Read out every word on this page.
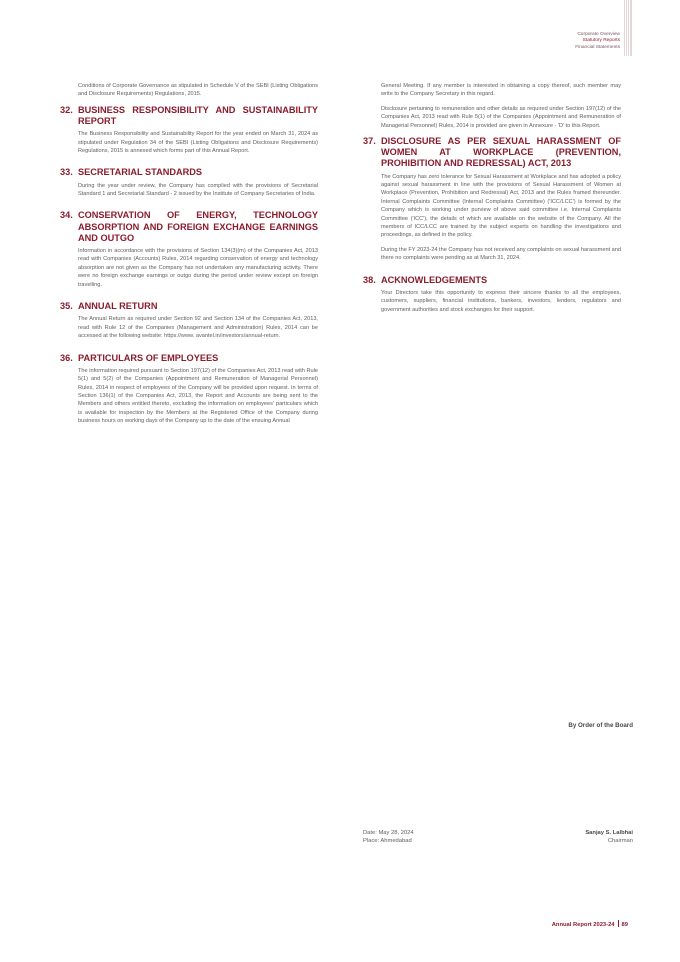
Corporate Overview
Statutory Reports
Financial Statements

Conditions of Corporate Governance as stipulated in Schedule V of the SEBI (Listing Obligations and Disclosure Requirements) Regulations, 2015.

32. BUSINESS RESPONSIBILITY AND SUSTAINABILITY REPORT

The Business Responsibility and Sustainability Report for the year ended on March 31, 2024 as stipulated under Regulation 34 of the SEBI (Listing Obligations and Disclosure Requirements) Regulations, 2015 is annexed which forms part of this Annual Report.

33. SECRETARIAL STANDARDS

During the year under review, the Company has complied with the provisions of Secretarial Standard 1 and Secretarial Standard - 2 issued by the Institute of Company Secretaries of India.

34. CONSERVATION OF ENERGY, TECHNOLOGY ABSORPTION AND FOREIGN EXCHANGE EARNINGS AND OUTGO

Information in accordance with the provisions of Section 134(3)(m) of the Companies Act, 2013 read with Companies (Accounts) Rules, 2014 regarding conservation of energy and technology absorption are not given as the Company has not undertaken any manufacturing activity. There were no foreign exchange earnings or outgo during the period under review except on foreign travelling.

35. ANNUAL RETURN

The Annual Return as required under Section 92 and Section 134 of the Companies Act, 2013, read with Rule 12 of the Companies (Management and Administration) Rules, 2014 can be accessed at the following website: https://www. avantel.in/investors/annual-return.

36. PARTICULARS OF EMPLOYEES

The information required pursuant to Section 197(12) of the Companies Act, 2013 read with Rule 5(1) and 5(2) of the Companies (Appointment and Remuneration of Managerial Personnel) Rules, 2014 in respect of employees of the Company will be provided upon request. In terms of Section 136(1) of the Companies Act, 2013, the Report and Accounts are being sent to the Members and others entitled thereto, excluding the information on employees' particulars which is available for inspection by the Members at the Registered Office of the Company during business hours on working days of the Company up to the date of the ensuing Annual

General Meeting. If any member is interested in obtaining a copy thereof, such member may write to the Company Secretary in this regard.

Disclosure pertaining to remuneration and other details as required under Section 197(12) of the Companies Act, 2013 read with Rule 5(1) of the Companies (Appointment and Remuneration of Managerial Personnel) Rules, 2014 is provided are given in Annexure - 'D' to this Report.

37. DISCLOSURE AS PER SEXUAL HARASSMENT OF WOMEN AT WORKPLACE (PREVENTION, PROHIBITION AND REDRESSAL) ACT, 2013

The Company has zero tolerance for Sexual Harassment at Workplace and has adopted a policy against sexual harassment in line with the provisions of Sexual Harassment of Women at Workplace (Prevention, Prohibition and Redressal) Act, 2013 and the Rules framed thereunder. Internal Complaints Committee (Internal Complaints Committee) ('ICC/LCC') is formed by the Company which is working under purview of above said committee i.e. Internal Complaints Committee ('ICC'), the details of which are available on the website of the Company. All the members of ICC/LCC are trained by the subject experts on handling the investigations and proceedings, as defined in the policy.

During the FY 2023-24 the Company has not received any complaints on sexual harassment and there no complaints were pending as at March 31, 2024.

38. ACKNOWLEDGEMENTS

Your Directors take this opportunity to express their sincere thanks to all the employees, customers, suppliers, financial institutions, bankers, investors, lenders, regulators and government authorities and stock exchanges for their support.

By Order of the Board
Date: May 28, 2024
Place: Ahmedabad
Sanjay S. Lalbhai
Chairman
Annual Report 2023-24 89
